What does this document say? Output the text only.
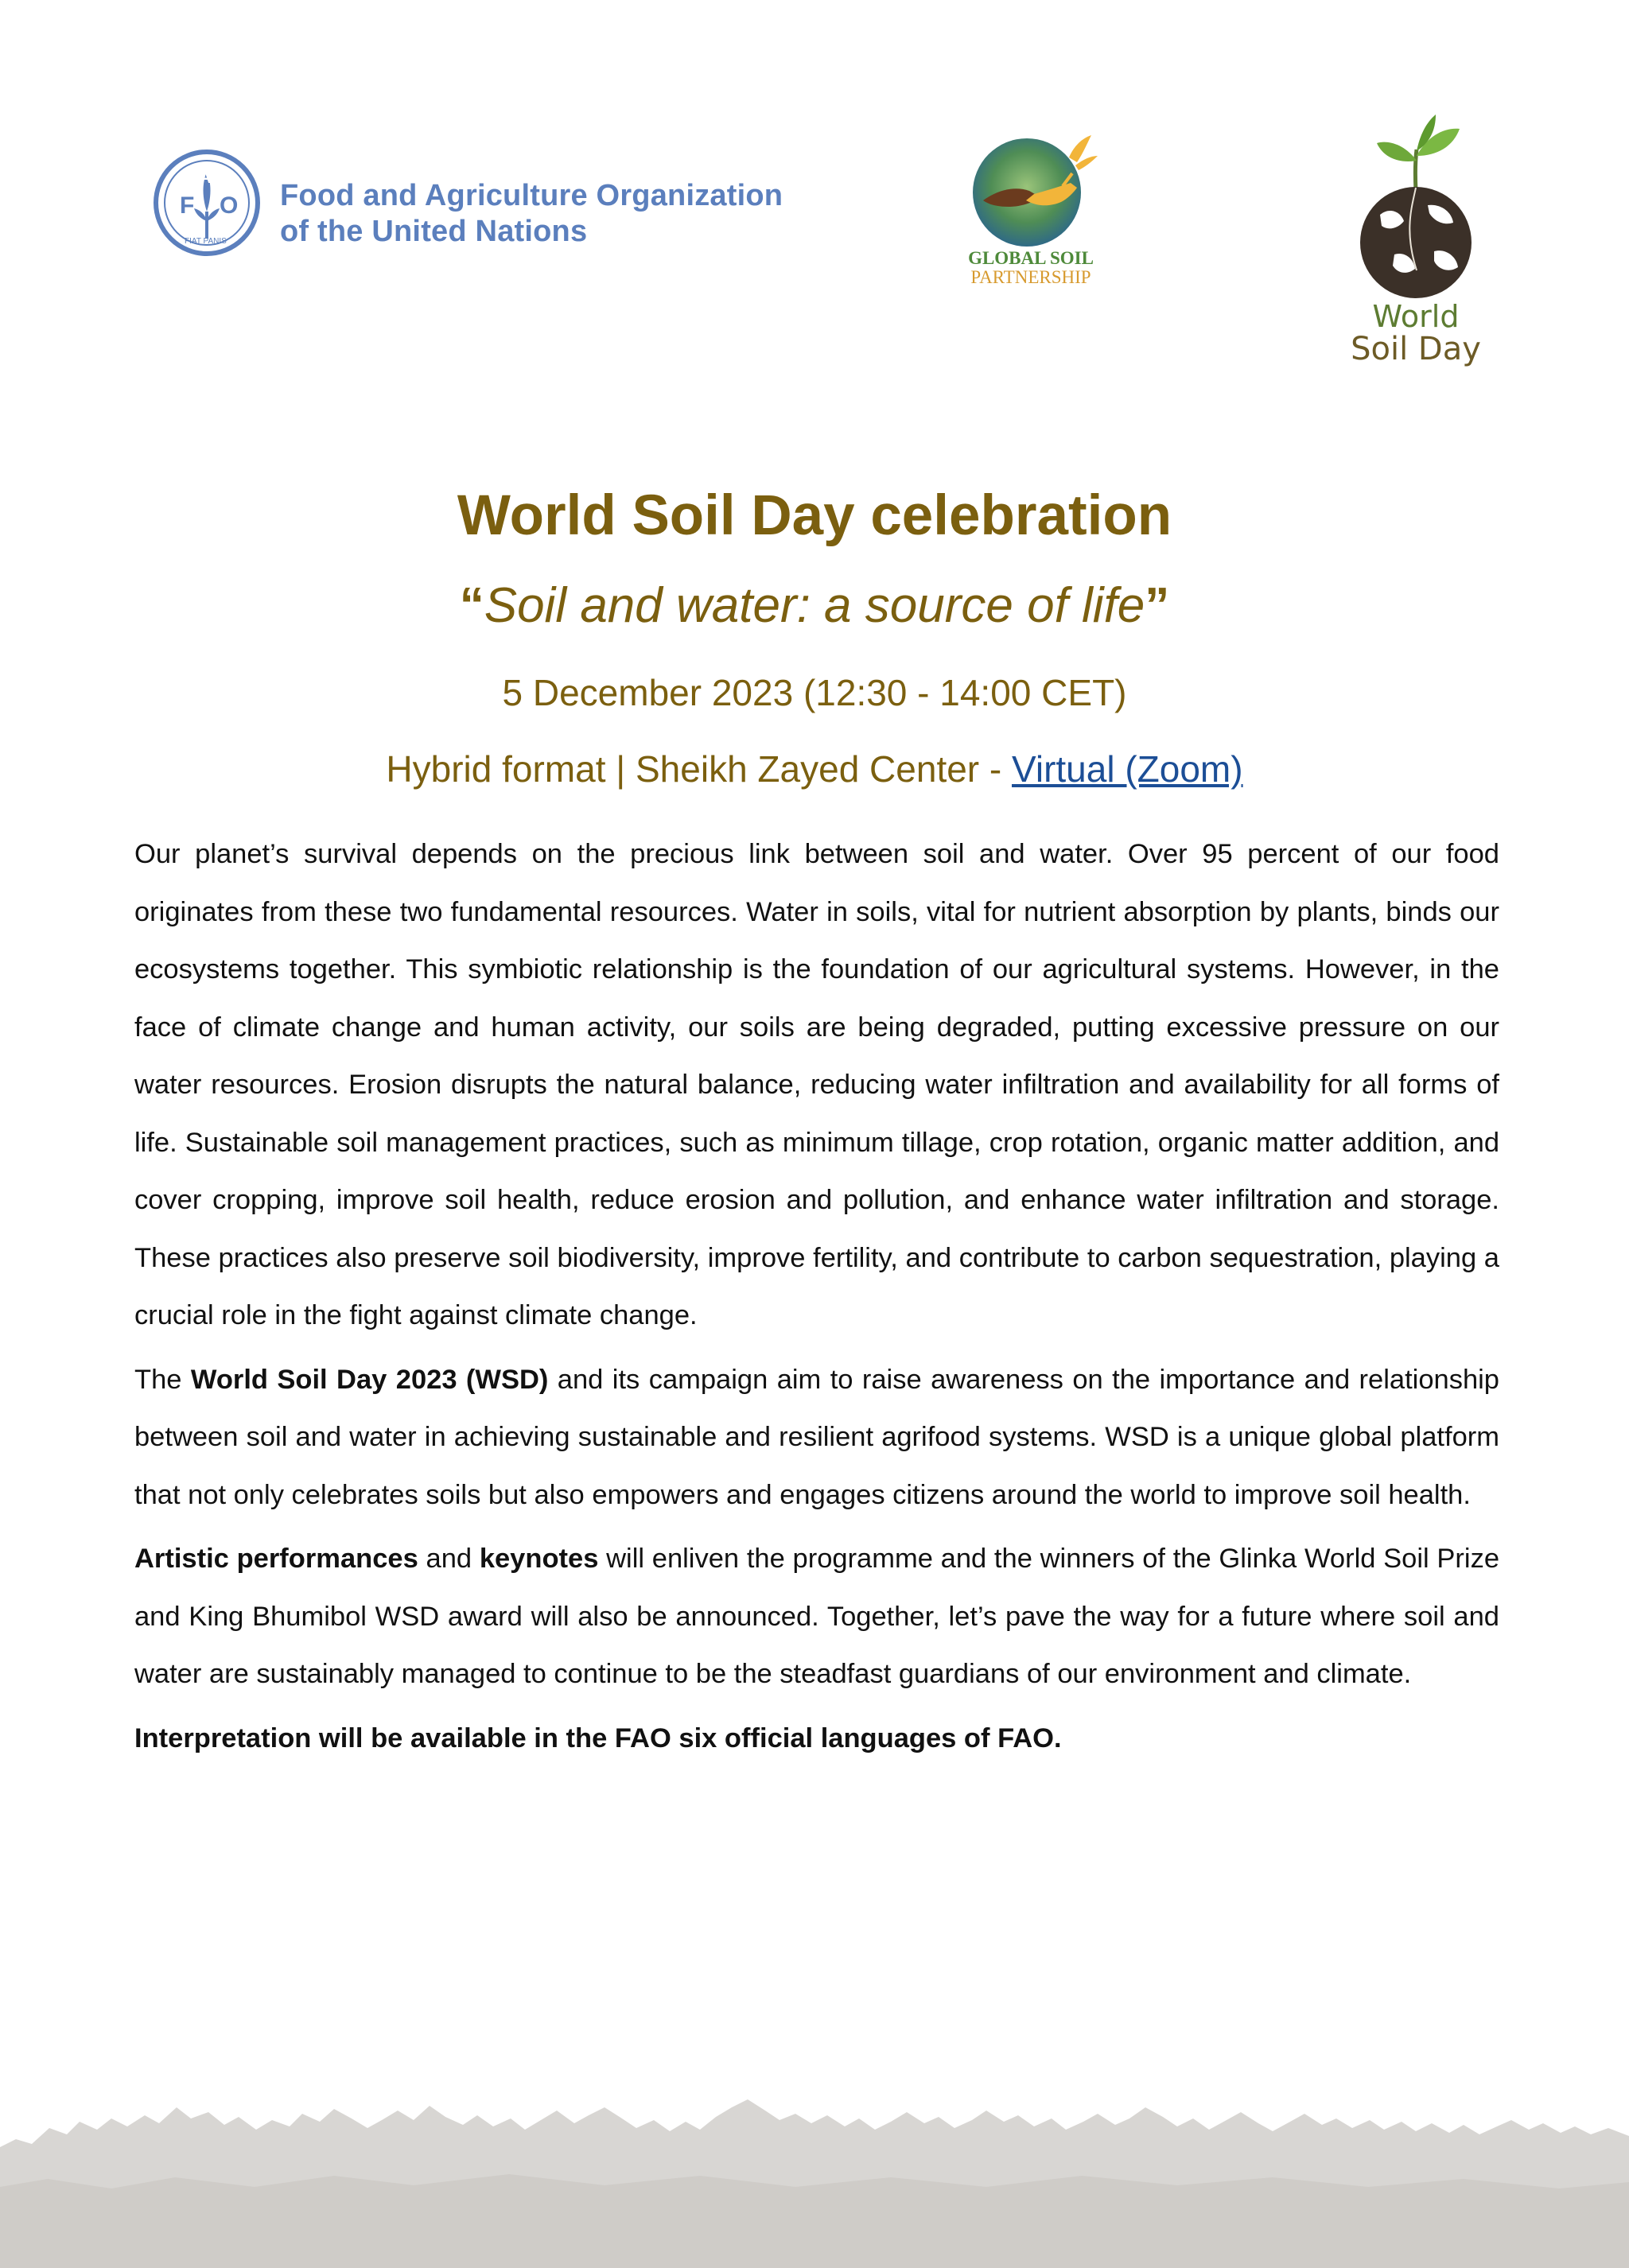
F
A
O
FIAT PANIS
Food and Agriculture Organization
of the United Nations
GLOBAL SOIL
PARTNERSHIP
World
Soil Day
World Soil Day celebration
“Soil and water: a source of life”
5 December 2023 (12:30 - 14:00 CET)
Hybrid format | Sheikh Zayed Center - Virtual (Zoom)

Our planet’s survival depends on the precious link between soil and water. Over 95 percent of our food originates from these two fundamental resources. Water in soils, vital for nutrient absorption by plants, binds our ecosystems together. This symbiotic relationship is the foundation of our agricultural systems. However, in the face of climate change and human activity, our soils are being degraded, putting excessive pressure on our water resources. Erosion disrupts the natural balance, reducing water infiltration and availability for all forms of life. Sustainable soil management practices, such as minimum tillage, crop rotation, organic matter addition, and cover cropping, improve soil health, reduce erosion and pollution, and enhance water infiltration and storage. These practices also preserve soil biodiversity, improve fertility, and contribute to carbon sequestration, playing a crucial role in the fight against climate change.

The World Soil Day 2023 (WSD) and its campaign aim to raise awareness on the importance and relationship between soil and water in achieving sustainable and resilient agrifood systems. WSD is a unique global platform that not only celebrates soils but also empowers and engages citizens around the world to improve soil health.

Artistic performances and keynotes will enliven the programme and the winners of the Glinka World Soil Prize and King Bhumibol WSD award will also be announced. Together, let’s pave the way for a future where soil and water are sustainably managed to continue to be the steadfast guardians of our environment and climate.

Interpretation will be available in the FAO six official languages of FAO.
